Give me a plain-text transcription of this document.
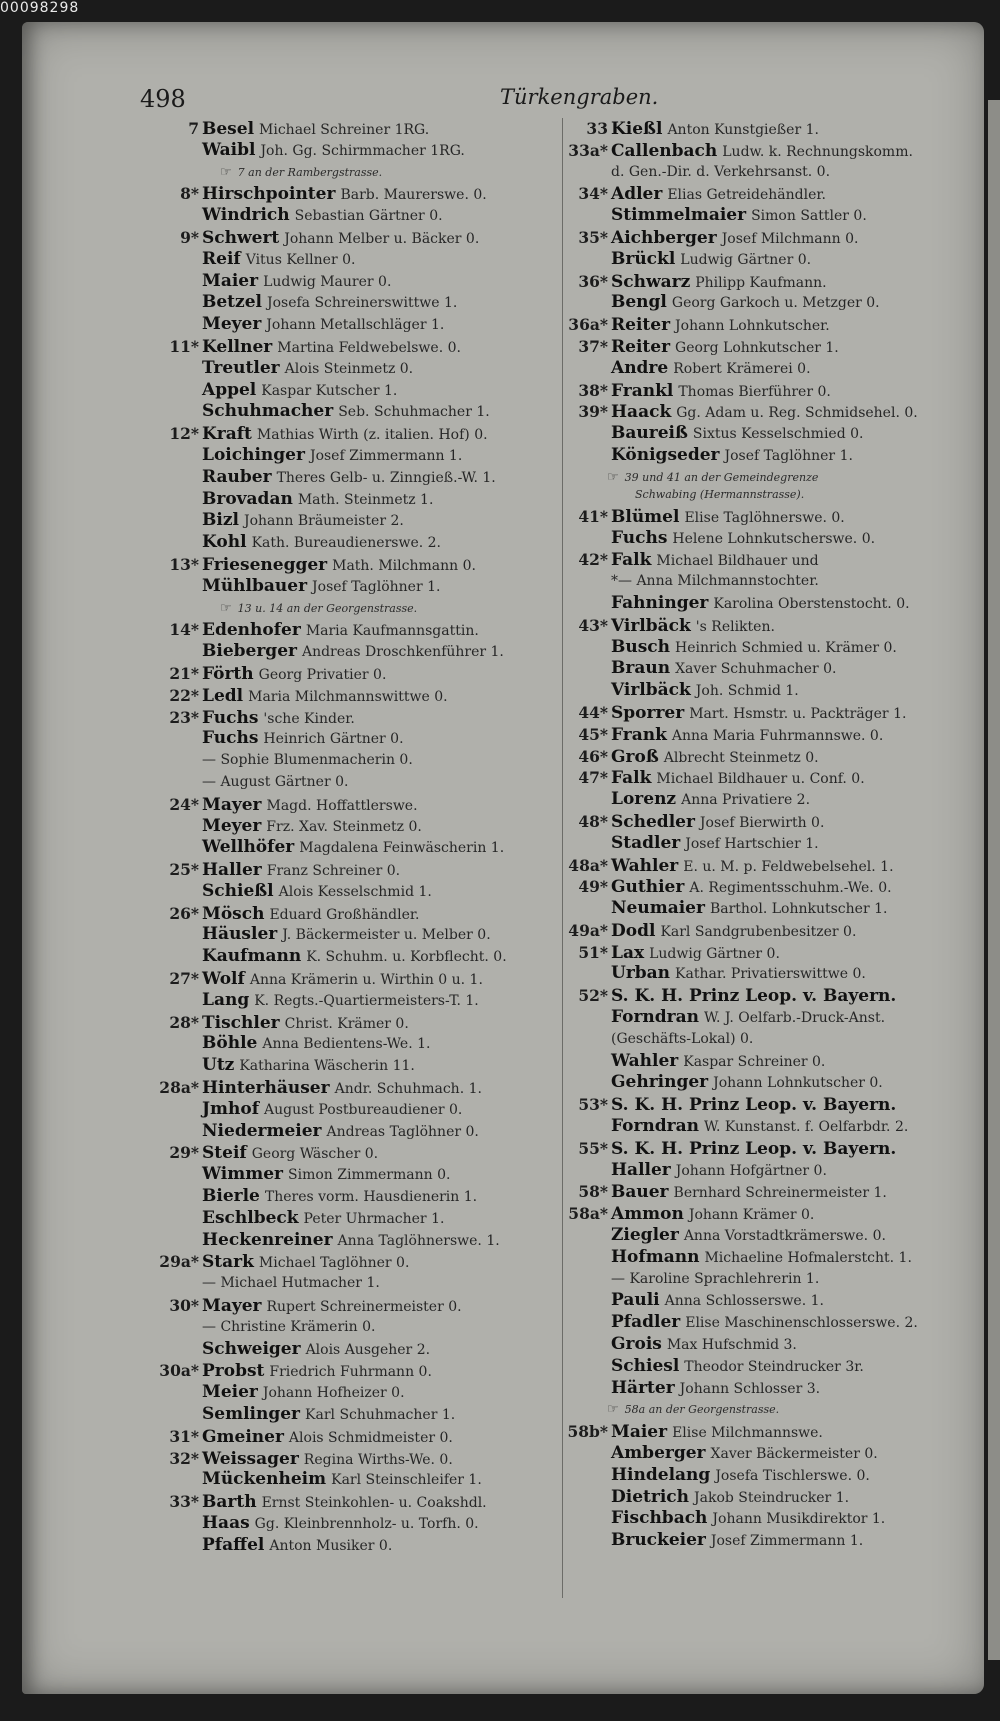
00098298
498	Türkengraben.
7 Besel Michael Schreiner 1RG.
Waibl Joh. Gg. Schirmmacher 1RG.
☞ 7 an der Rambergstrasse.
8* Hirschpointer Barb. Maurerswe. 0.
Windrich Sebastian Gärtner 0.
9* Schwert Johann Melber u. Bäcker 0.
Reif Vitus Kellner 0.
Maier Ludwig Maurer 0.
Betzel Josefa Schreinerswittwe 1.
Meyer Johann Metallschläger 1.
11* Kellner Martina Feldwebelswe. 0.
Treutler Alois Steinmetz 0.
Appel Kaspar Kutscher 1.
Schuhmacher Seb. Schuhmacher 1.
12* Kraft Mathias Wirth (z. italien. Hof) 0.
Loichinger Josef Zimmermann 1.
Rauber Theres Gelb- u. Zinngieß.-W. 1.
Brovadan Math. Steinmetz 1.
Bizl Johann Bräumeister 2.
Kohl Kath. Bureaudienerswe. 2.
13* Friesenegger Math. Milchmann 0.
Mühlbauer Josef Taglöhner 1.
☞ 13 u. 14 an der Georgenstrasse.
14* Edenhofer Maria Kaufmannsgattin.
Bieberger Andreas Droschkenführer 1.
21* Förth Georg Privatier 0.
22* Ledl Maria Milchmannswittwe 0.
23* Fuchs 'sche Kinder.
Fuchs Heinrich Gärtner 0.
— Sophie Blumenmacherin 0.
— August Gärtner 0.
24* Mayer Magd. Hoffattlerswe.
Meyer Frz. Xav. Steinmetz 0.
Wellhöfer Magdalena Feinwäscherin 1.
25* Haller Franz Schreiner 0.
Schießl Alois Kesselschmid 1.
26* Mösch Eduard Großhändler.
Häusler J. Bäckermeister u. Melber 0.
Kaufmann K. Schuhm. u. Korbflecht. 0.
27* Wolf Anna Krämerin u. Wirthin 0 u. 1.
Lang K. Regts.-Quartiermeisters-T. 1.
28* Tischler Christ. Krämer 0.
Böhle Anna Bedientens-We. 1.
Utz Katharina Wäscherin 11.
28a* Hinterhäuser Andr. Schuhmach. 1.
Jmhof August Postbureaudiener 0.
Niedermeier Andreas Taglöhner 0.
29* Steif Georg Wäscher 0.
Wimmer Simon Zimmermann 0.
Bierle Theres vorm. Hausdienerin 1.
Eschlbeck Peter Uhrmacher 1.
Heckenreiner Anna Taglöhnerswe. 1.
29a* Stark Michael Taglöhner 0.
— Michael Hutmacher 1.
30* Mayer Rupert Schreinermeister 0.
— Christine Krämerin 0.
Schweiger Alois Ausgeher 2.
30a* Probst Friedrich Fuhrmann 0.
Meier Johann Hofheizer 0.
Semlinger Karl Schuhmacher 1.
31* Gmeiner Alois Schmidmeister 0.
32* Weissager Regina Wirths-We. 0.
Mückenheim Karl Steinschleifer 1.
33* Barth Ernst Steinkohlen- u. Coakshdl.
Haas Gg. Kleinbrennholz- u. Torfh. 0.
Pfaffel Anton Musiker 0.
33 Kießl Anton Kunstgießer 1.
33a* Callenbach Ludw. k. Rechnungskomm.
d. Gen.-Dir. d. Verkehrsanst. 0.
34* Adler Elias Getreidehändler.
Stimmelmaier Simon Sattler 0.
35* Aichberger Josef Milchmann 0.
Brückl Ludwig Gärtner 0.
36* Schwarz Philipp Kaufmann.
Bengl Georg Garkoch u. Metzger 0.
36a* Reiter Johann Lohnkutscher.
37* Reiter Georg Lohnkutscher 1.
Andre Robert Krämerei 0.
38* Frankl Thomas Bierführer 0.
39* Haack Gg. Adam u. Reg. Schmidsehel. 0.
Baureiß Sixtus Kesselschmied 0.
Königseder Josef Taglöhner 1.
☞ 39 und 41 an der Gemeindegrenze
Schwabing (Hermannstrasse).
41* Blümel Elise Taglöhnerswe. 0.
Fuchs Helene Lohnkutscherswe. 0.
42* Falk Michael Bildhauer und
*— Anna Milchmannstochter.
Fahninger Karolina Oberstenstocht. 0.
43* Virlbäck 's Relikten.
Busch Heinrich Schmied u. Krämer 0.
Braun Xaver Schuhmacher 0.
Virlbäck Joh. Schmid 1.
44* Sporrer Mart. Hsmstr. u. Packträger 1.
45* Frank Anna Maria Fuhrmannswe. 0.
46* Groß Albrecht Steinmetz 0.
47* Falk Michael Bildhauer u. Conf. 0.
Lorenz Anna Privatiere 2.
48* Schedler Josef Bierwirth 0.
Stadler Josef Hartschier 1.
48a* Wahler E. u. M. p. Feldwebelsehel. 1.
49* Guthier A. Regimentsschuhm.-We. 0.
Neumaier Barthol. Lohnkutscher 1.
49a* Dodl Karl Sandgrubenbesitzer 0.
51* Lax Ludwig Gärtner 0.
Urban Kathar. Privatierswittwe 0.
52* S. K. H. Prinz Leop. v. Bayern.
Forndran W. J. Oelfarb.-Druck-Anst.
(Geschäfts-Lokal) 0.
Wahler Kaspar Schreiner 0.
Gehringer Johann Lohnkutscher 0.
53* S. K. H. Prinz Leop. v. Bayern.
Forndran W. Kunstanst. f. Oelfarbdr. 2.
55* S. K. H. Prinz Leop. v. Bayern.
Haller Johann Hofgärtner 0.
58* Bauer Bernhard Schreinermeister 1.
58a* Ammon Johann Krämer 0.
Ziegler Anna Vorstadtkrämerswe. 0.
Hofmann Michaeline Hofmalerstcht. 1.
— Karoline Sprachlehrerin 1.
Pauli Anna Schlosserswe. 1.
Pfadler Elise Maschinenschlosserswe. 2.
Grois Max Hufschmid 3.
Schiesl Theodor Steindrucker 3r.
Härter Johann Schlosser 3.
☞ 58a an der Georgenstrasse.
58b* Maier Elise Milchmannswe.
Amberger Xaver Bäckermeister 0.
Hindelang Josefa Tischlerswe. 0.
Dietrich Jakob Steindrucker 1.
Fischbach Johann Musikdirektor 1.
Bruckeier Josef Zimmermann 1.
